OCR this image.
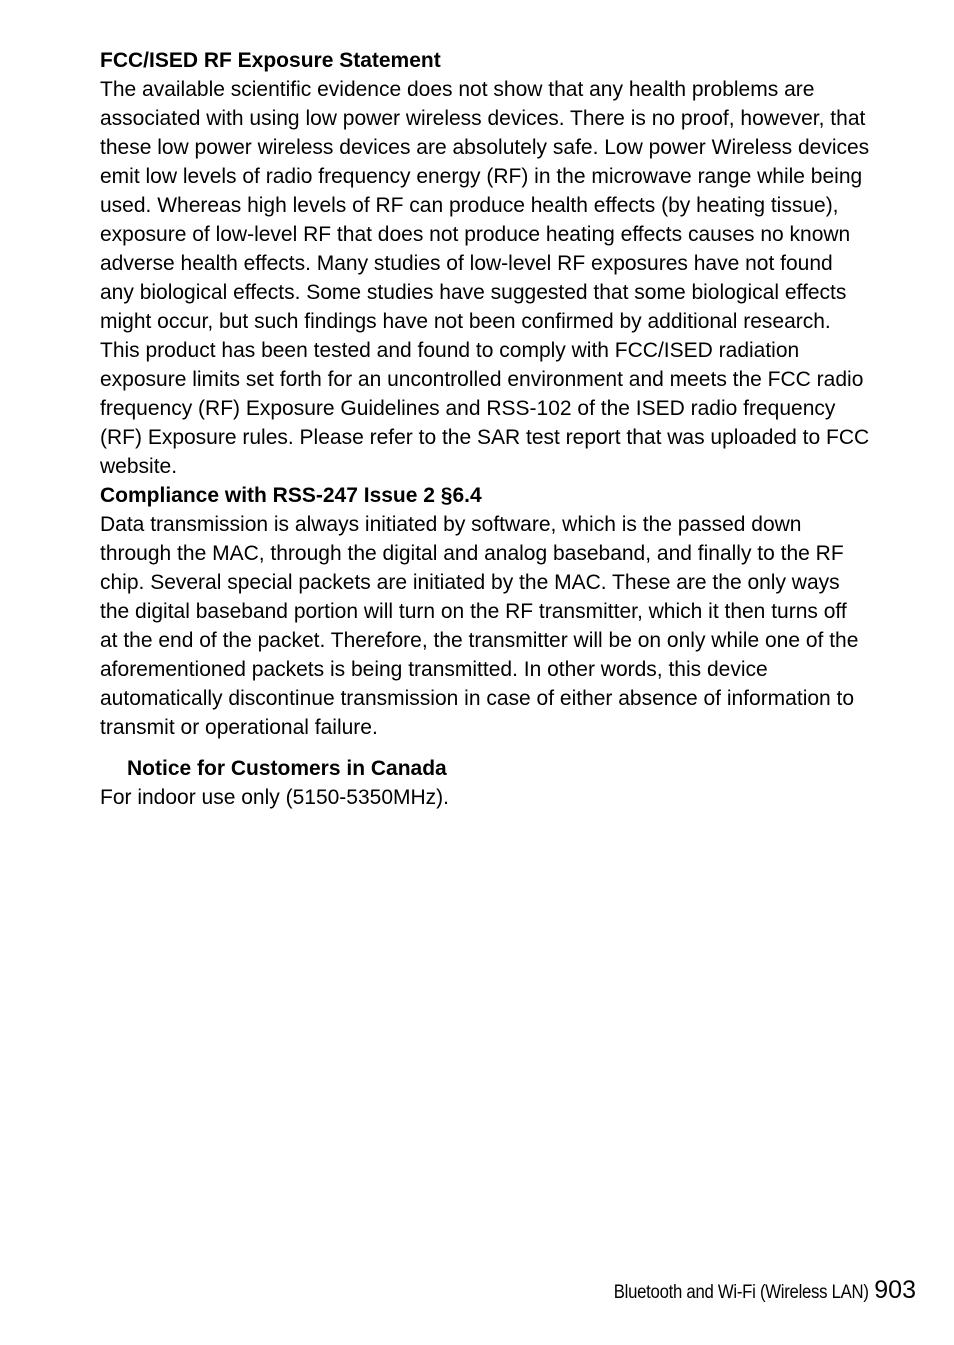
FCC/ISED RF Exposure Statement

The available scientific evidence does not show that any health problems are associated with using low power wireless devices. There is no proof, however, that these low power wireless devices are absolutely safe. Low power Wireless devices emit low levels of radio frequency energy (RF) in the microwave range while being used. Whereas high levels of RF can produce health effects (by heating tissue), exposure of low-level RF that does not produce heating effects causes no known adverse health effects. Many studies of low-level RF exposures have not found any biological effects. Some studies have suggested that some biological effects might occur, but such findings have not been confirmed by additional research. This product has been tested and found to comply with FCC/ISED radiation exposure limits set forth for an uncontrolled environment and meets the FCC radio frequency (RF) Exposure Guidelines and RSS-102 of the ISED radio frequency (RF) Exposure rules. Please refer to the SAR test report that was uploaded to FCC website.

Compliance with RSS-247 Issue 2 §6.4

Data transmission is always initiated by software, which is the passed down through the MAC, through the digital and analog baseband, and finally to the RF chip. Several special packets are initiated by the MAC. These are the only ways the digital baseband portion will turn on the RF transmitter, which it then turns off at the end of the packet. Therefore, the transmitter will be on only while one of the aforementioned packets is being transmitted. In other words, this device automatically discontinue transmission in case of either absence of information to transmit or operational failure.

Notice for Customers in Canada

For indoor use only (5150-5350MHz).

Bluetooth and Wi-Fi (Wireless LAN) 903
